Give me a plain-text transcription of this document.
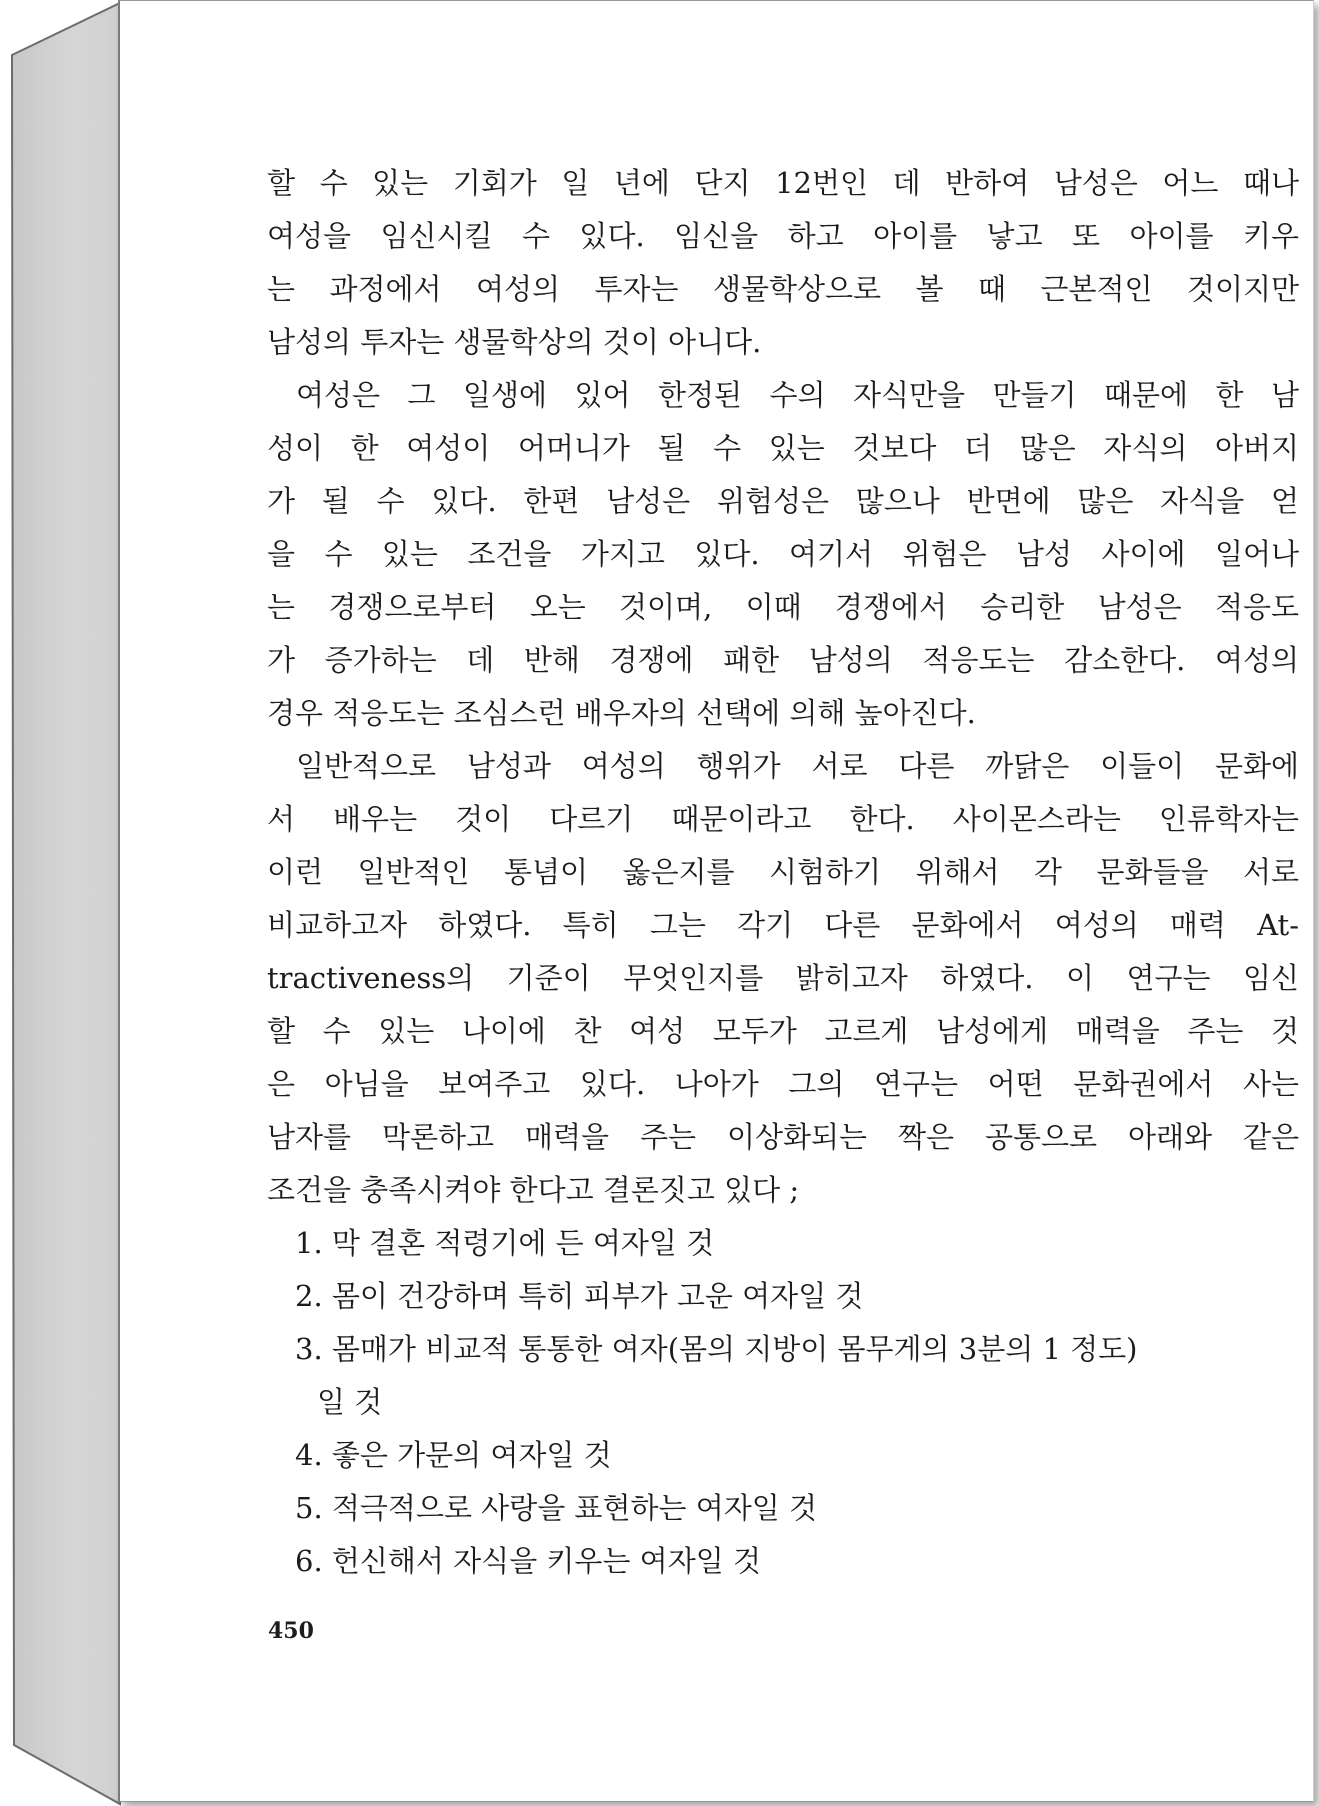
할 수 있는 기회가 일 년에 단지 12번인 데 반하여 남성은 어느 때나
여성을 임신시킬 수 있다. 임신을 하고 아이를 낳고 또 아이를 키우
는 과정에서 여성의 투자는 생물학상으로 볼 때 근본적인 것이지만
남성의 투자는 생물학상의 것이 아니다.
여성은 그 일생에 있어 한정된 수의 자식만을 만들기 때문에 한 남
성이 한 여성이 어머니가 될 수 있는 것보다 더 많은 자식의 아버지
가 될 수 있다. 한편 남성은 위험성은 많으나 반면에 많은 자식을 얻
을 수 있는 조건을 가지고 있다. 여기서 위험은 남성 사이에 일어나
는 경쟁으로부터 오는 것이며, 이때 경쟁에서 승리한 남성은 적응도
가 증가하는 데 반해 경쟁에 패한 남성의 적응도는 감소한다. 여성의
경우 적응도는 조심스런 배우자의 선택에 의해 높아진다.
일반적으로 남성과 여성의 행위가 서로 다른 까닭은 이들이 문화에
서 배우는 것이 다르기 때문이라고 한다. 사이몬스라는 인류학자는
이런 일반적인 통념이 옳은지를 시험하기 위해서 각 문화들을 서로
비교하고자 하였다. 특히 그는 각기 다른 문화에서 여성의 매력 At-
tractiveness의 기준이 무엇인지를 밝히고자 하였다. 이 연구는 임신
할 수 있는 나이에 찬 여성 모두가 고르게 남성에게 매력을 주는 것
은 아님을 보여주고 있다. 나아가 그의 연구는 어떤 문화권에서 사는
남자를 막론하고 매력을 주는 이상화되는 짝은 공통으로 아래와 같은
조건을 충족시켜야 한다고 결론짓고 있다 ;
1. 막 결혼 적령기에 든 여자일 것
2. 몸이 건강하며 특히 피부가 고운 여자일 것
3. 몸매가 비교적 통통한 여자(몸의 지방이 몸무게의 3분의 1 정도)
일 것
4. 좋은 가문의 여자일 것
5. 적극적으로 사랑을 표현하는 여자일 것
6. 헌신해서 자식을 키우는 여자일 것
450
